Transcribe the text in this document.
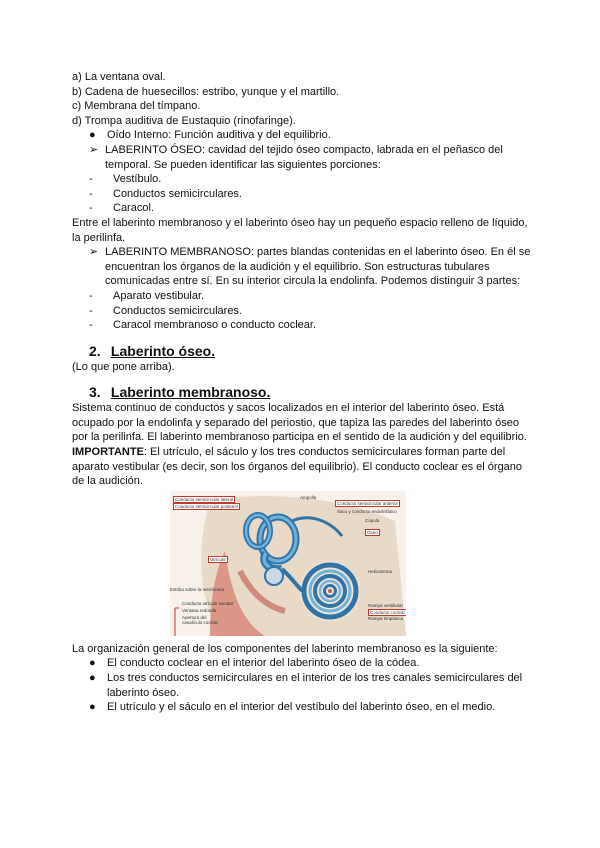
a) La ventana oval.

b) Cadena de huesecillos: estribo, yunque y el martillo.

c) Membrana del tímpano.

d) Trompa auditiva de Eustaquio (rinofaringe).

●	Oído Interno: Función auditiva y del equilibrio.
➢ LABERINTO ÓSEO: cavidad del tejido óseo compacto, labrada en el peñasco del temporal. Se pueden identificar las siguientes porciones:
-	Vestíbulo.
-	Conductos semicirculares.
-	Caracol.

Entre el laberinto membranoso y el laberinto óseo hay un pequeño espacio relleno de líquido, la perilinfa.

➢ LABERINTO MEMBRANOSO: partes blandas contenidas en el laberinto óseo. En él se encuentran los órganos de la audición y el equilibrio. Son estructuras tubulares comunicadas entre sí. En su interior circula la endolinfa. Podemos distinguir 3 partes:
-	Aparato vestibular.
-	Conductos semicirculares.
-	Caracol membranoso o conducto coclear.
2. Laberinto óseo.

(Lo que pone arriba).

3. Laberinto membranoso.

Sistema continuo de conductos y sacos localizados en el interior del laberinto óseo. Está ocupado por la endolinfa y separado del periostio, que tapiza las paredes del laberinto óseo por la perilinfa. El laberinto membranoso participa en el sentido de la audición y del equilibrio.

IMPORTANTE: El utrículo, el sáculo y los tres conductos semicirculares forman parte del aparato vestibular (es decir, son los órganos del equilibrio). El conducto coclear es el órgano de la audición.

Conducto semicircular lateral
Conducto semicircular posterior
Ampolla
Conducto semicircular anterior
Saco y conducto endolinfático
Cúpula
Óseo
Utrículo
Estribo sobre la membrana
Conducto utrículo-sacular
Ventana redonda
Apertura del canalículo coclear
Helicotrema
Rampa vestibular
Conducto coclear
Rampa timpánica

La organización general de los componentes del laberinto membranoso es la siguiente:

●	El conducto coclear en el interior del laberinto óseo de la códea.
●	Los tres conductos semicirculares en el interior de los tres canales semicirculares del laberinto óseo.
●	El utrículo y el sáculo en el interior del vestíbulo del laberinto óseo, en el medio.
